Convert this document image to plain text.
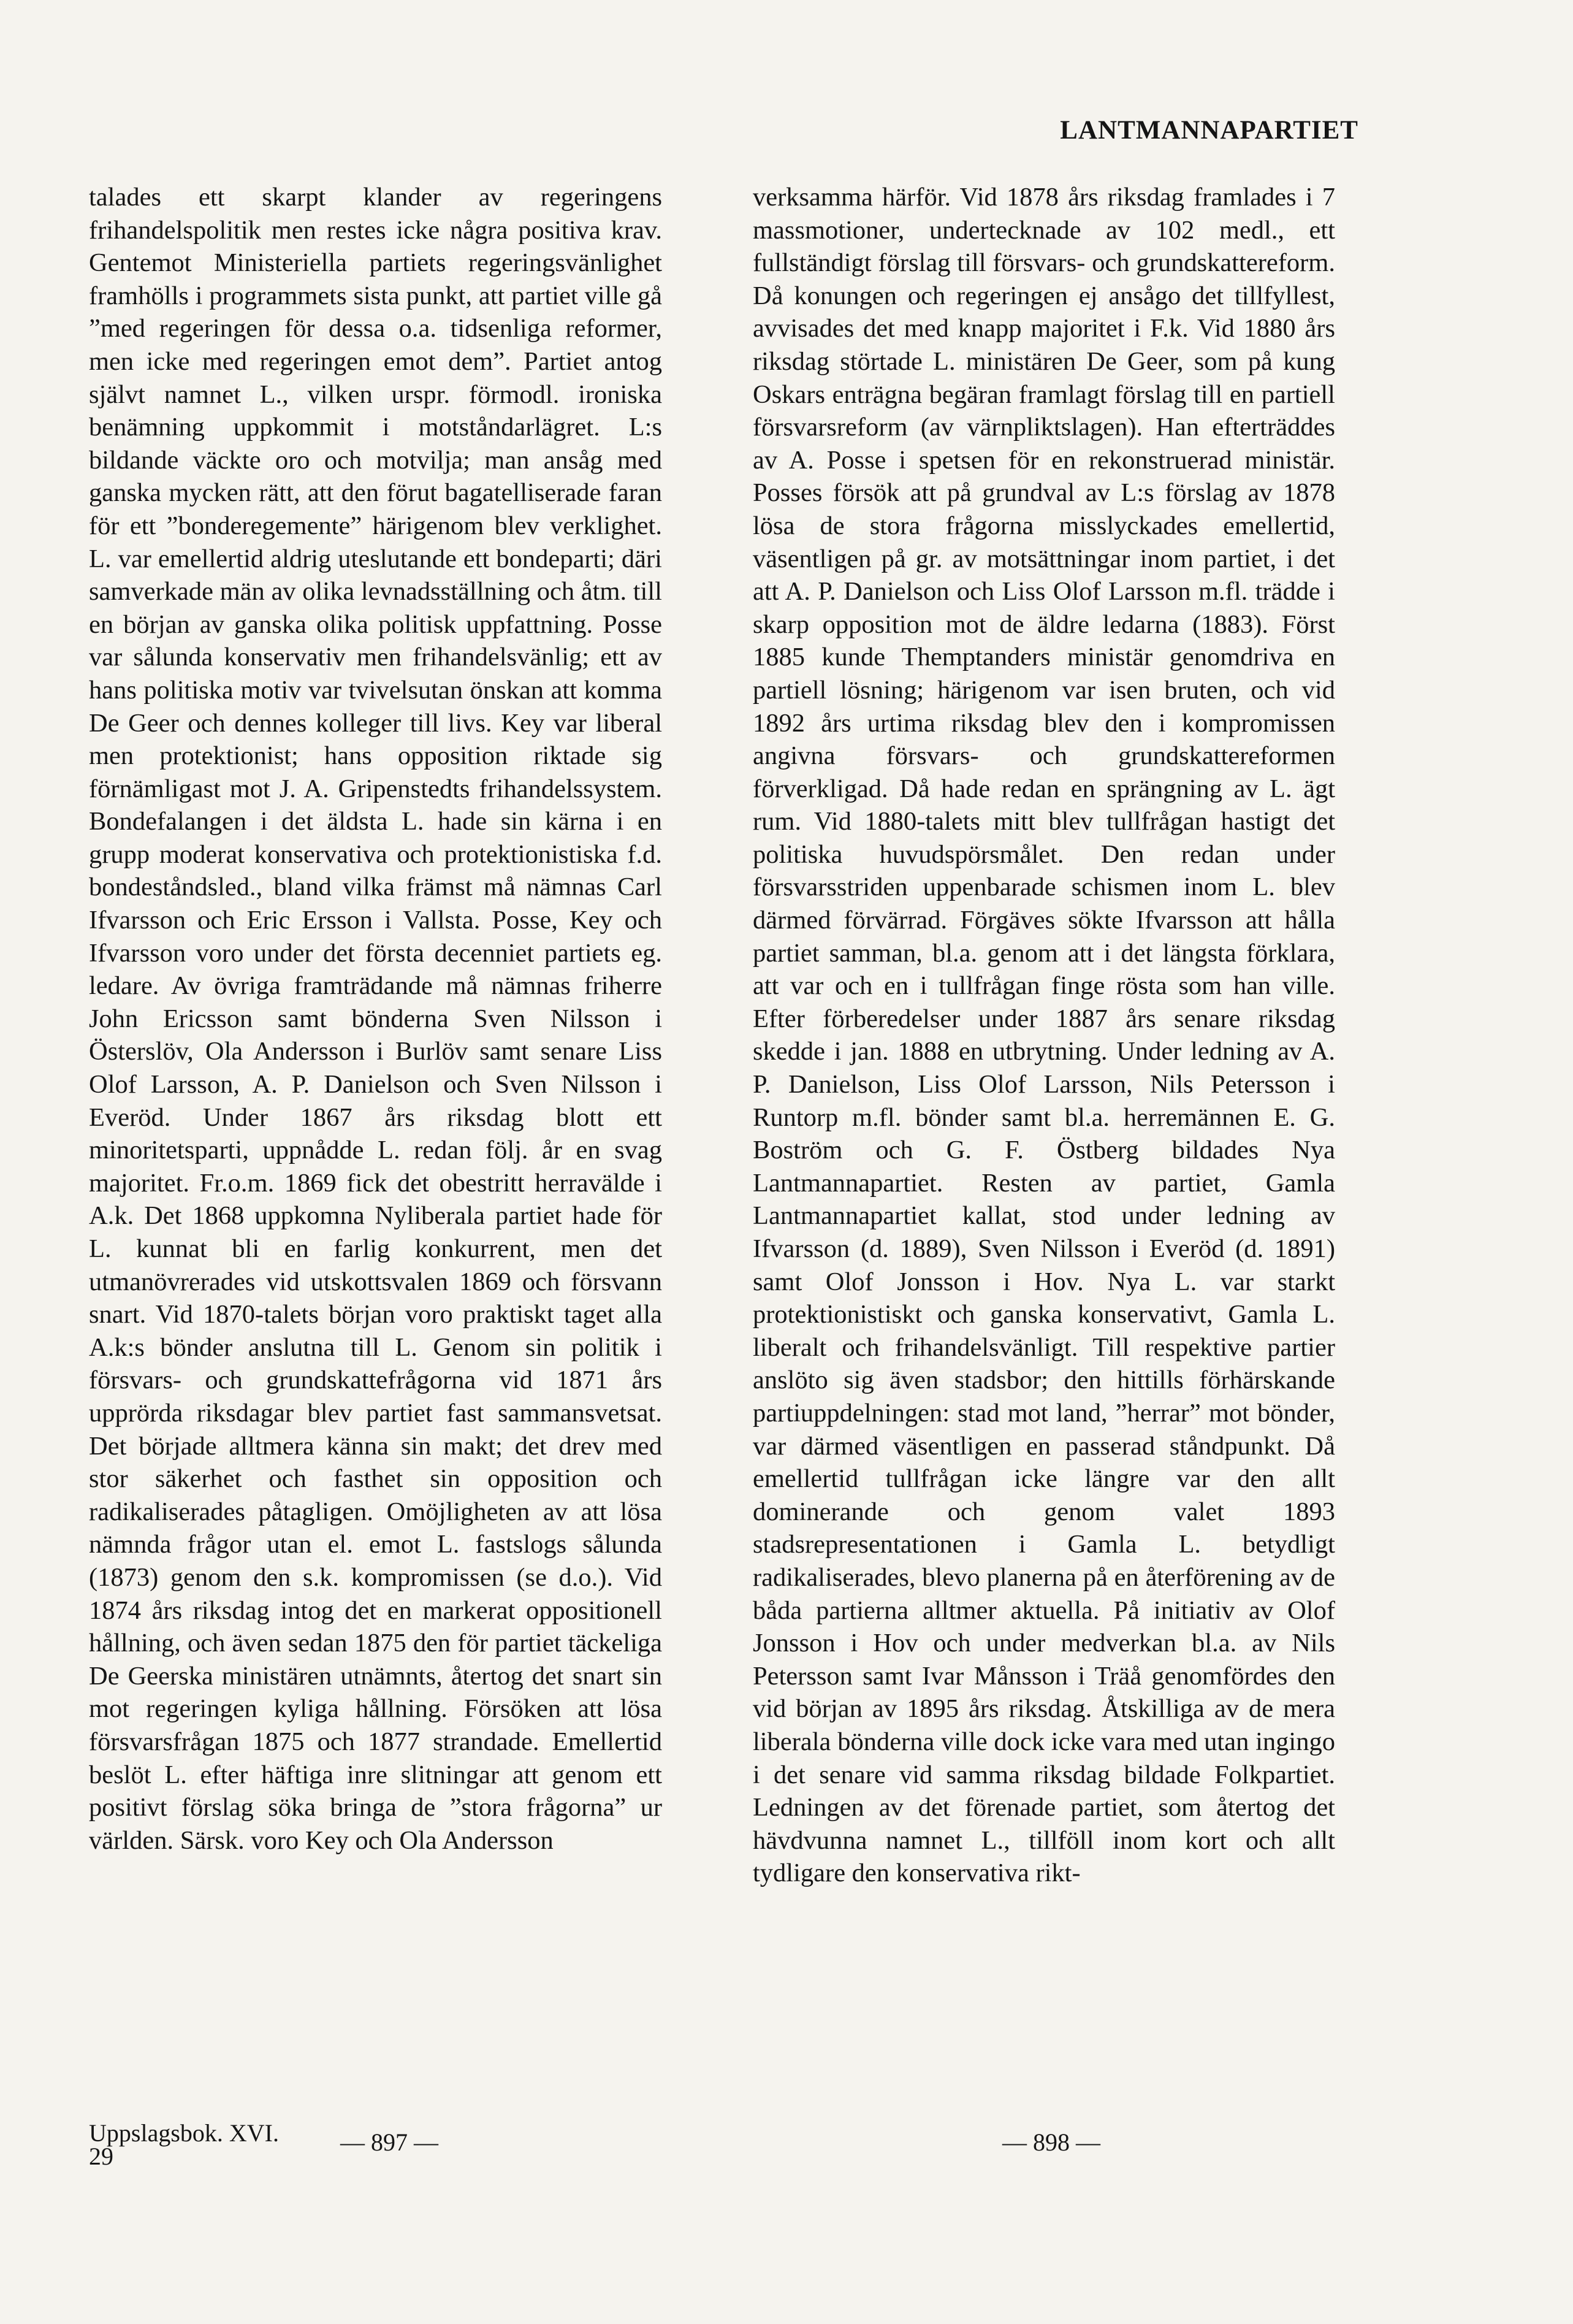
LANTMANNAPARTIET
talades ett skarpt klander av regeringens frihandelspolitik men restes icke några positiva krav. Gentemot Ministeriella partiets regeringsvänlighet framhölls i programmets sista punkt, att partiet ville gå ”med regeringen för dessa o.a. tidsenliga reformer, men icke med regeringen emot dem”. Partiet antog självt namnet L., vilken urspr. förmodl. ironiska benämning uppkommit i motståndarlägret. L:s bildande väckte oro och motvilja; man ansåg med ganska mycken rätt, att den förut bagatelliserade faran för ett ”bonderegemente” härigenom blev verklighet. L. var emellertid aldrig uteslutande ett bondeparti; däri samverkade män av olika levnadsställning och åtm. till en början av ganska olika politisk uppfattning. Posse var sålunda konservativ men frihandelsvänlig; ett av hans politiska motiv var tvivelsutan önskan att komma De Geer och dennes kolleger till livs. Key var liberal men protektionist; hans opposition riktade sig förnämligast mot J. A. Gripenstedts frihandelssystem. Bondefalangen i det äldsta L. hade sin kärna i en grupp moderat konservativa och protektionistiska f.d. bondeståndsled., bland vilka främst må nämnas Carl Ifvarsson och Eric Ersson i Vallsta. Posse, Key och Ifvarsson voro under det första decenniet partiets eg. ledare. Av övriga framträdande må nämnas friherre John Ericsson samt bönderna Sven Nilsson i Österslöv, Ola Andersson i Burlöv samt senare Liss Olof Larsson, A. P. Danielson och Sven Nilsson i Everöd. Under 1867 års riksdag blott ett minoritetsparti, uppnådde L. redan följ. år en svag majoritet. Fr.o.m. 1869 fick det obestritt herravälde i A.k. Det 1868 uppkomna Nyliberala partiet hade för L. kunnat bli en farlig konkurrent, men det utmanövrerades vid utskottsvalen 1869 och försvann snart. Vid 1870-talets början voro praktiskt taget alla A.k:s bönder anslutna till L. Genom sin politik i försvars- och grundskattefrågorna vid 1871 års upprörda riksdagar blev partiet fast sammansvetsat. Det började alltmera känna sin makt; det drev med stor säkerhet och fasthet sin opposition och radikaliserades påtagligen. Omöjligheten av att lösa nämnda frågor utan el. emot L. fastslogs sålunda (1873) genom den s.k. kompromissen (se d.o.). Vid 1874 års riksdag intog det en markerat oppositionell hållning, och även sedan 1875 den för partiet täckeliga De Geerska ministären utnämnts, återtog det snart sin mot regeringen kyliga hållning. Försöken att lösa försvarsfrågan 1875 och 1877 strandade. Emellertid beslöt L. efter häftiga inre slitningar att genom ett positivt förslag söka bringa de ”stora frågorna” ur världen. Särsk. voro Key och Ola Andersson
verksamma härför. Vid 1878 års riksdag framlades i 7 massmotioner, undertecknade av 102 medl., ett fullständigt förslag till försvars- och grundskattereform. Då konungen och regeringen ej ansågo det tillfyllest, avvisades det med knapp majoritet i F.k. Vid 1880 års riksdag störtade L. ministären De Geer, som på kung Oskars enträgna begäran framlagt förslag till en partiell försvarsreform (av värnpliktslagen). Han efterträddes av A. Posse i spetsen för en rekonstruerad ministär. Posses försök att på grundval av L:s förslag av 1878 lösa de stora frågorna misslyckades emellertid, väsentligen på gr. av motsättningar inom partiet, i det att A. P. Danielson och Liss Olof Larsson m.fl. trädde i skarp opposition mot de äldre ledarna (1883). Först 1885 kunde Themptanders ministär genomdriva en partiell lösning; härigenom var isen bruten, och vid 1892 års urtima riksdag blev den i kompromissen angivna försvars- och grundskattereformen förverkligad. Då hade redan en sprängning av L. ägt rum. Vid 1880-talets mitt blev tullfrågan hastigt det politiska huvudspörsmålet. Den redan under försvarsstriden uppenbarade schismen inom L. blev därmed förvärrad. Förgäves sökte Ifvarsson att hålla partiet samman, bl.a. genom att i det längsta förklara, att var och en i tullfrågan finge rösta som han ville. Efter förberedelser under 1887 års senare riksdag skedde i jan. 1888 en utbrytning. Under ledning av A. P. Danielson, Liss Olof Larsson, Nils Petersson i Runtorp m.fl. bönder samt bl.a. herremännen E. G. Boström och G. F. Östberg bildades Nya Lantmannapartiet. Resten av partiet, Gamla Lantmannapartiet kallat, stod under ledning av Ifvarsson (d. 1889), Sven Nilsson i Everöd (d. 1891) samt Olof Jonsson i Hov. Nya L. var starkt protektionistiskt och ganska konservativt, Gamla L. liberalt och frihandelsvänligt. Till respektive partier anslöto sig även stadsbor; den hittills förhärskande partiuppdelningen: stad mot land, ”herrar” mot bönder, var därmed väsentligen en passerad ståndpunkt. Då emellertid tullfrågan icke längre var den allt dominerande och genom valet 1893 stadsrepresentationen i Gamla L. betydligt radikaliserades, blevo planerna på en återförening av de båda partierna alltmer aktuella. På initiativ av Olof Jonsson i Hov och under medverkan bl.a. av Nils Petersson samt Ivar Månsson i Träå genomfördes den vid början av 1895 års riksdag. Åtskilliga av de mera liberala bönderna ville dock icke vara med utan ingingo i det senare vid samma riksdag bildade Folkpartiet. Ledningen av det förenade partiet, som återtog det hävdvunna namnet L., tillföll inom kort och allt tydligare den konservativa rikt-
Uppslagsbok. XVI.
29
— 897 —	— 898 —
